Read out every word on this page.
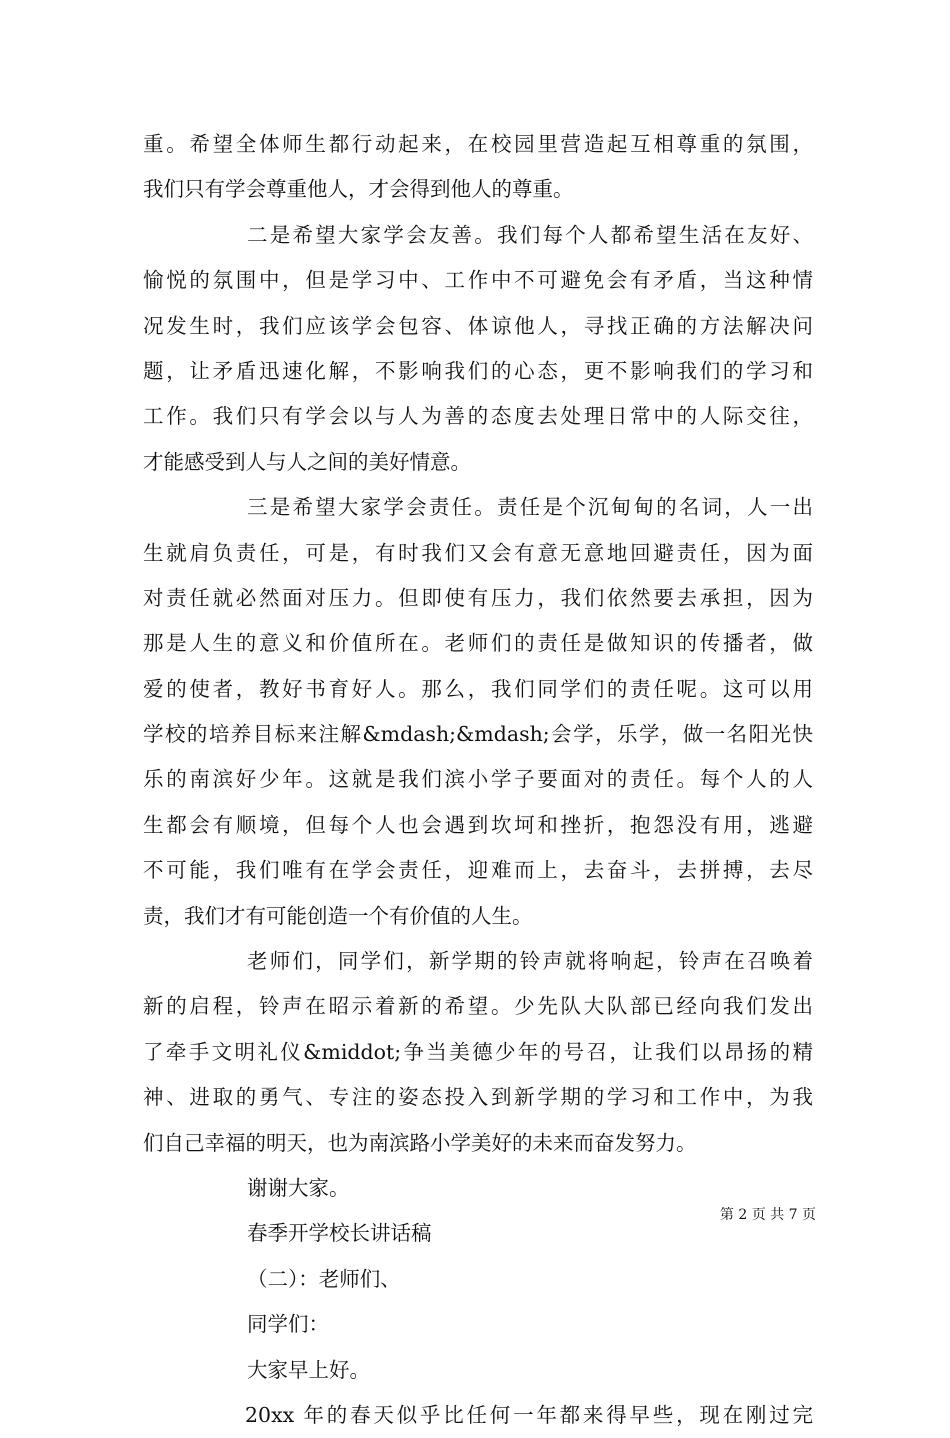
重。希望全体师生都行动起来，在校园里营造起互相尊重的氛围，
我们只有学会尊重他人，才会得到他人的尊重。
二是希望大家学会友善。我们每个人都希望生活在友好、
愉悦的氛围中，但是学习中、工作中不可避免会有矛盾，当这种情
况发生时，我们应该学会包容、体谅他人，寻找正确的方法解决问
题，让矛盾迅速化解，不影响我们的心态，更不影响我们的学习和
工作。我们只有学会以与人为善的态度去处理日常中的人际交往，
才能感受到人与人之间的美好情意。
三是希望大家学会责任。责任是个沉甸甸的名词，人一出
生就肩负责任，可是，有时我们又会有意无意地回避责任，因为面
对责任就必然面对压力。但即使有压力，我们依然要去承担，因为
那是人生的意义和价值所在。老师们的责任是做知识的传播者，做
爱的使者，教好书育好人。那么，我们同学们的责任呢。这可以用
学校的培养目标来注解&mdash;&mdash;会学，乐学，做一名阳光快
乐的南滨好少年。这就是我们滨小学子要面对的责任。每个人的人
生都会有顺境，但每个人也会遇到坎坷和挫折，抱怨没有用，逃避
不可能，我们唯有在学会责任，迎难而上，去奋斗，去拼搏，去尽
责，我们才有可能创造一个有价值的人生。
老师们，同学们，新学期的铃声就将响起，铃声在召唤着
新的启程，铃声在昭示着新的希望。少先队大队部已经向我们发出
了牵手文明礼仪&middot;争当美德少年的号召，让我们以昂扬的精
神、进取的勇气、专注的姿态投入到新学期的学习和工作中，为我
们自己幸福的明天，也为南滨路小学美好的未来而奋发努力。
谢谢大家。
春季开学校长讲话稿
（二）：老师们、
同学们：
大家早上好。
20xx 年的春天似乎比任何一年都来得早些，现在刚过完
第 2 页 共 7 页
